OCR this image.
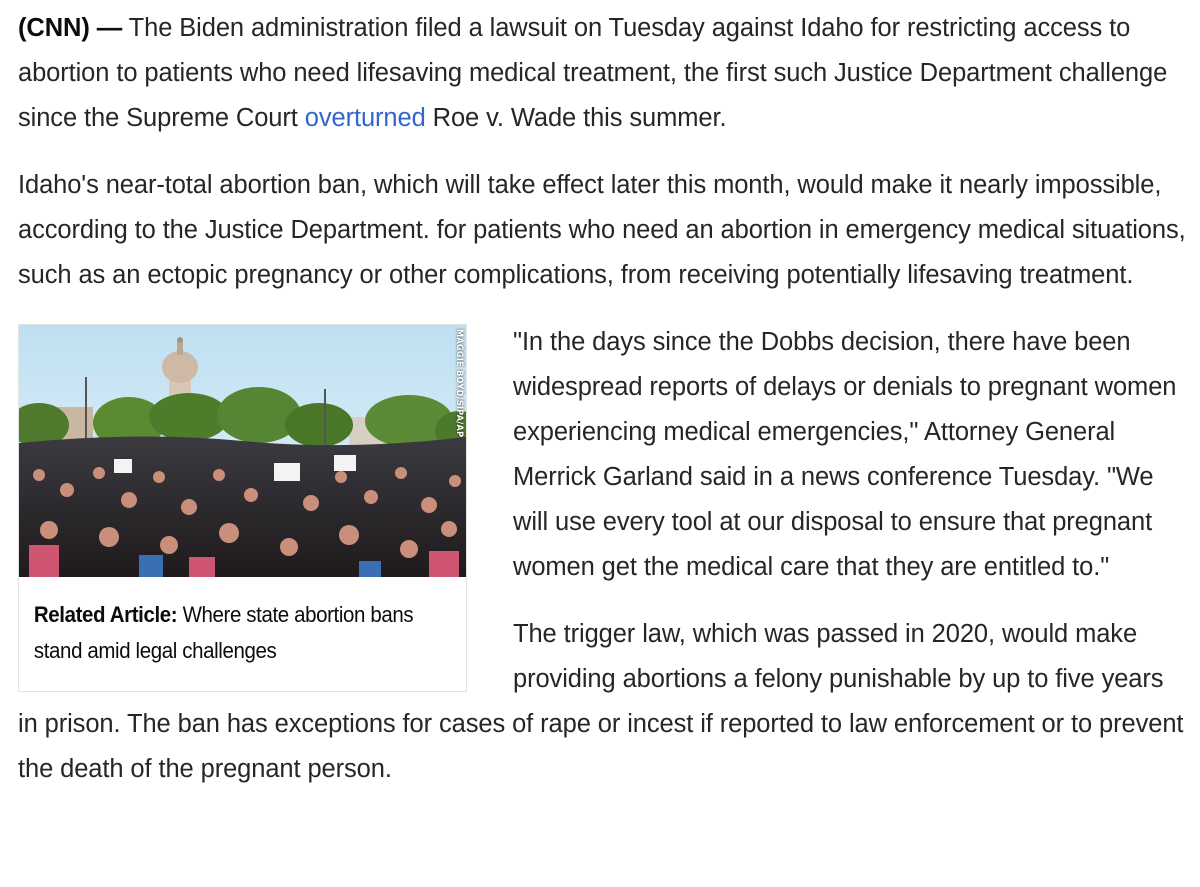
(CNN) — The Biden administration filed a lawsuit on Tuesday against Idaho for restricting access to abortion to patients who need lifesaving medical treatment, the first such Justice Department challenge since the Supreme Court overturned Roe v. Wade this summer.

Idaho's near-total abortion ban, which will take effect later this month, would make it nearly impossible, according to the Justice Department. for patients who need an abortion in emergency medical situations, such as an ectopic pregnancy or other complications, from receiving potentially lifesaving treatment.

MAGGIE BOYD/SIPA/AP
Related Article: Where state abortion bans stand amid legal challenges

"In the days since the Dobbs decision, there have been widespread reports of delays or denials to pregnant women experiencing medical emergencies," Attorney General Merrick Garland said in a news conference Tuesday. "We will use every tool at our disposal to ensure that pregnant women get the medical care that they are entitled to."

The trigger law, which was passed in 2020, would make providing abortions a felony punishable by up to five years in prison. The ban has exceptions for cases of rape or incest if reported to law enforcement or to prevent the death of the pregnant person.
